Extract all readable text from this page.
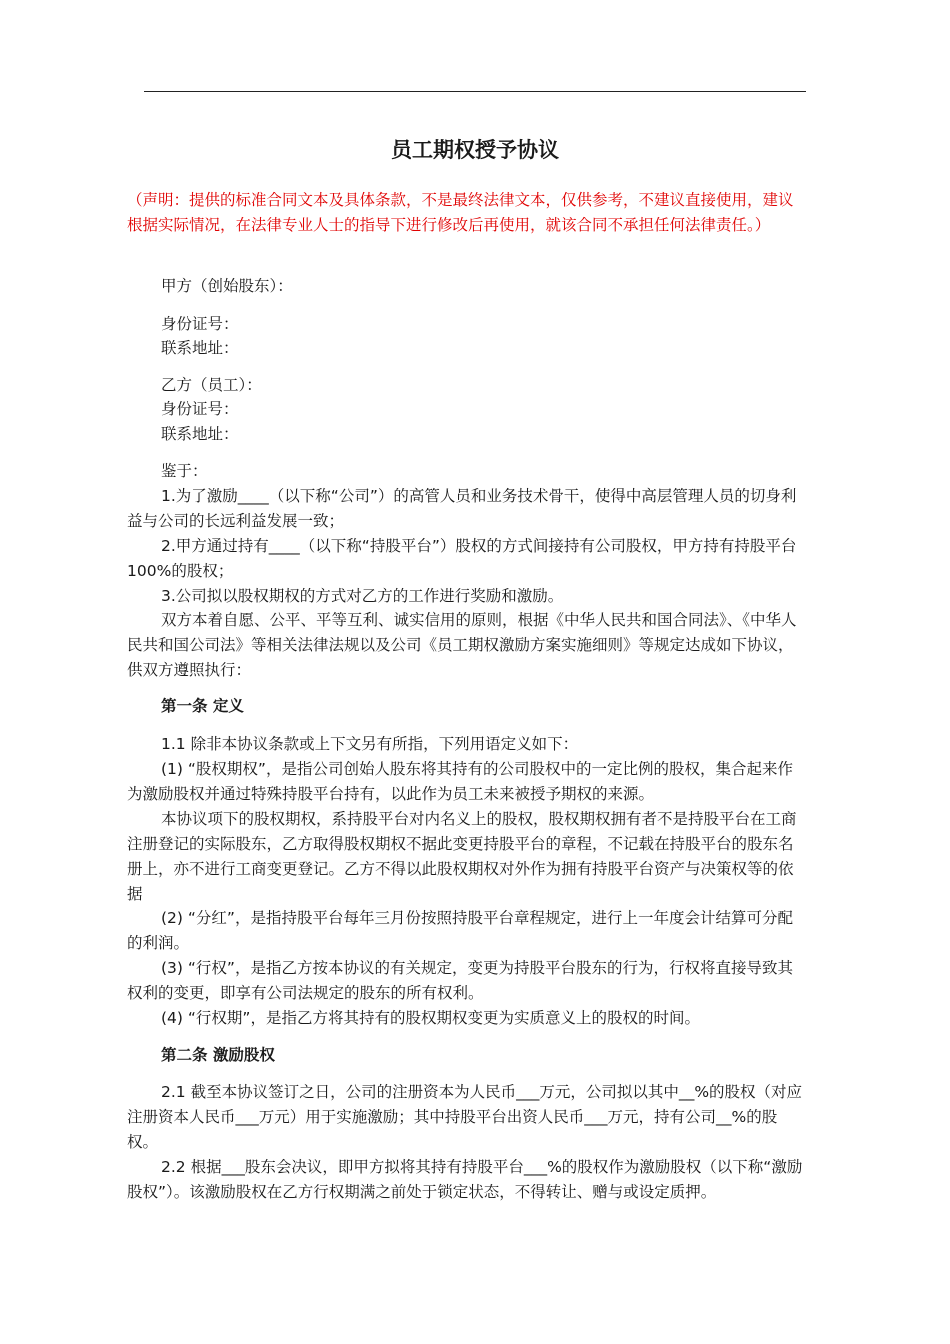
员工期权授予协议
（声明：提供的标准合同文本及具体条款，不是最终法律文本，仅供参考，不建议直接使用，建议根据实际情况，在法律专业人士的指导下进行修改后再使用，就该合同不承担任何法律责任。）
甲方（创始股东）：
身份证号：
联系地址：
乙方（员工）：
身份证号：
联系地址：
鉴于：
1.为了激励____（以下称“公司”）的高管人员和业务技术骨干，使得中高层管理人员的切身利益与公司的长远利益发展一致；
2.甲方通过持有____（以下称“持股平台”）股权的方式间接持有公司股权，甲方持有持股平台 100%的股权；
3.公司拟以股权期权的方式对乙方的工作进行奖励和激励。
双方本着自愿、公平、平等互利、诚实信用的原则，根据《中华人民共和国合同法》、《中华人民共和国公司法》等相关法律法规以及公司《员工期权激励方案实施细则》等规定达成如下协议，供双方遵照执行：
第一条 定义
1.1 除非本协议条款或上下文另有所指，下列用语定义如下：
(1) “股权期权”，是指公司创始人股东将其持有的公司股权中的一定比例的股权，集合起来作为激励股权并通过特殊持股平台持有，以此作为员工未来被授予期权的来源。
本协议项下的股权期权，系持股平台对内名义上的股权，股权期权拥有者不是持股平台在工商注册登记的实际股东，乙方取得股权期权不据此变更持股平台的章程，不记载在持股平台的股东名册上，亦不进行工商变更登记。乙方不得以此股权期权对外作为拥有持股平台资产与决策权等的依据
(2) “分红”，是指持股平台每年三月份按照持股平台章程规定，进行上一年度会计结算可分配的利润。
(3) “行权”，是指乙方按本协议的有关规定，变更为持股平台股东的行为，行权将直接导致其权利的变更，即享有公司法规定的股东的所有权利。
(4) “行权期”，是指乙方将其持有的股权期权变更为实质意义上的股权的时间。
第二条 激励股权
2.1 截至本协议签订之日，公司的注册资本为人民币___万元，公司拟以其中__%的股权（对应注册资本人民币___万元）用于实施激励；其中持股平台出资人民币___万元，持有公司__%的股权。
2.2 根据___股东会决议，即甲方拟将其持有持股平台___%的股权作为激励股权（以下称“激励股权”）。该激励股权在乙方行权期满之前处于锁定状态，不得转让、赠与或设定质押。
